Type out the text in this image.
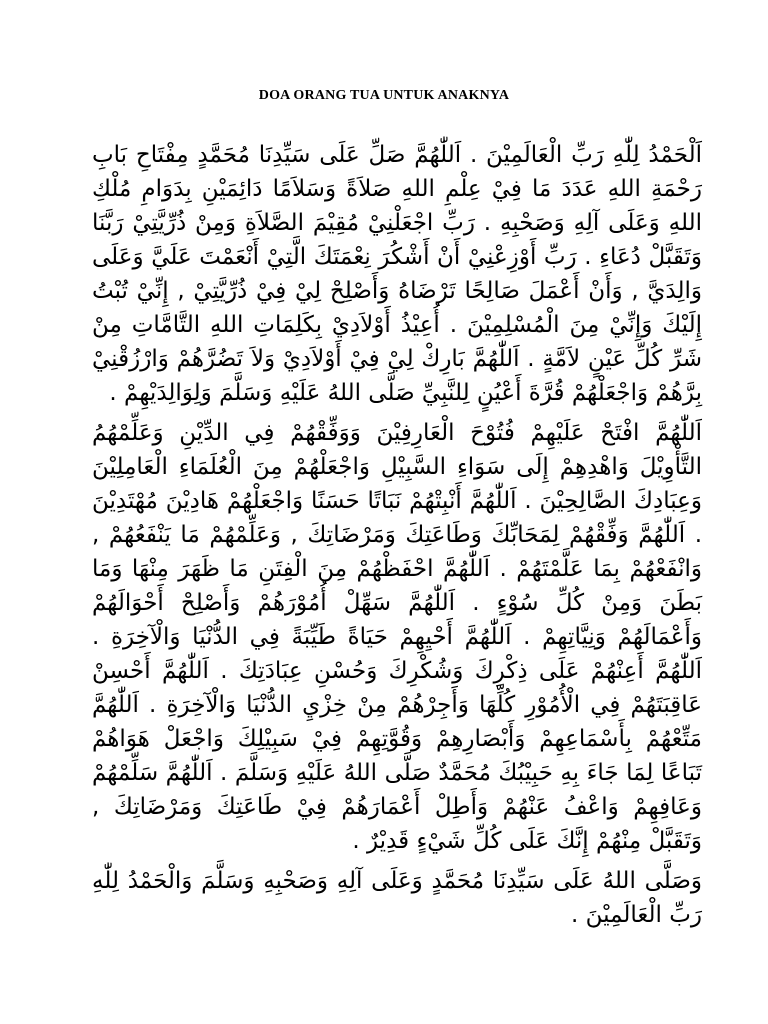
DOA ORANG TUA UNTUK ANAKNYA

اَلْحَمْدُ لِلّٰهِ رَبِّ الْعَالَمِيْنَ . اَللّٰهُمَّ صَلِّ عَلَى سَيِّدِنَا مُحَمَّدٍ مِفْتَاحِ بَابِ رَحْمَةِ اللهِ عَدَدَ مَا فِيْ عِلْمِ اللهِ صَلاَةً وَسَلاَمًا دَائِمَيْنِ بِدَوَامِ مُلْكِ اللهِ وَعَلَى آلِهِ وَصَحْبِهِ . رَبِّ اجْعَلْنِيْ مُقِيْمَ الصَّلاَةِ وَمِنْ ذُرِّيَّتِيْ رَبَّنَا وَتَقَبَّلْ دُعَاءِ . رَبِّ أَوْزِعْنِيْ أَنْ أَشْكُرَ نِعْمَتَكَ الَّتِيْ أَنْعَمْتَ عَلَيَّ وَعَلَى وَالِدَيَّ , وَأَنْ أَعْمَلَ صَالِحًا تَرْضَاهُ وَأَصْلِحْ لِيْ فِيْ ذُرِّيَّتِيْ , إِنِّيْ تُبْتُ إِلَيْكَ وَإِنِّيْ مِنَ الْمُسْلِمِيْنَ . أُعِيْذُ أَوْلاَدِيْ بِكَلِمَاتِ اللهِ التَّامَّاتِ مِنْ شَرِّ كُلِّ عَيْنٍ لاَمَّةٍ . اَللّٰهُمَّ بَارِكْ لِيْ فِيْ أَوْلاَدِيْ وَلاَ تَضُرَّهُمْ وَارْزُقْنِيْ بِرَّهُمْ وَاجْعَلْهُمْ قُرَّةَ أَعْيُنٍ لِلنَّبِيِّ صَلَّى اللهُ عَلَيْهِ وَسَلَّمَ وَلِوَالِدَيْهِمْ .

اَللّٰهُمَّ افْتَحْ عَلَيْهِمْ فُتُوْحَ الْعَارِفِيْنَ وَوَفِّقْهُمْ فِي الدِّيْنِ وَعَلِّمْهُمُ التَّأْوِيْلَ وَاهْدِهِمْ إِلَى سَوَاءِ السَّبِيْلِ وَاجْعَلْهُمْ مِنَ الْعُلَمَاءِ الْعَامِلِيْنَ وَعِبَادِكَ الصَّالِحِيْنَ . اَللّٰهُمَّ أَنْبِتْهُمْ نَبَاتًا حَسَنًا وَاجْعَلْهُمْ هَادِيْنَ مُهْتَدِيْنَ . اَللّٰهُمَّ وَفِّقْهُمْ لِمَحَابِّكَ وَطَاعَتِكَ وَمَرْضَاتِكَ , وَعَلِّمْهُمْ مَا يَنْفَعُهُمْ , وَانْفَعْهُمْ بِمَا عَلَّمْتَهُمْ . اَللّٰهُمَّ احْفَظْهُمْ مِنَ الْفِتَنِ مَا ظَهَرَ مِنْهَا وَمَا بَطَنَ وَمِنْ كُلِّ سُوْءٍ . اَللّٰهُمَّ سَهِّلْ أُمُوْرَهُمْ وَأَصْلِحْ أَحْوَالَهُمْ وَأَعْمَالَهُمْ وَنِيَّاتِهِمْ . اَللّٰهُمَّ أَحْيِهِمْ حَيَاةً طَيِّبَةً فِي الدُّنْيَا وَالْآخِرَةِ . اَللّٰهُمَّ أَعِنْهُمْ عَلَى ذِكْرِكَ وَشُكْرِكَ وَحُسْنِ عِبَادَتِكَ . اَللّٰهُمَّ أَحْسِنْ عَاقِبَتَهُمْ فِي الْأُمُوْرِ كُلِّهَا وَأَجِرْهُمْ مِنْ خِزْيِ الدُّنْيَا وَالْآخِرَةِ . اَللّٰهُمَّ مَتِّعْهُمْ بِأَسْمَاعِهِمْ وَأَبْصَارِهِمْ وَقُوَّتِهِمْ فِيْ سَبِيْلِكَ وَاجْعَلْ هَوَاهُمْ تَبَاعًا لِمَا جَاءَ بِهِ حَبِيْبُكَ مُحَمَّدٌ صَلَّى اللهُ عَلَيْهِ وَسَلَّمَ . اَللّٰهُمَّ سَلِّمْهُمْ وَعَافِهِمْ وَاعْفُ عَنْهُمْ وَأَطِلْ أَعْمَارَهُمْ فِيْ طَاعَتِكَ وَمَرْضَاتِكَ , وَتَقَبَّلْ مِنْهُمْ إِنَّكَ عَلَى كُلِّ شَيْءٍ قَدِيْرٌ .

وَصَلَّى اللهُ عَلَى سَيِّدِنَا مُحَمَّدٍ وَعَلَى آلِهِ وَصَحْبِهِ وَسَلَّمَ وَالْحَمْدُ لِلّٰهِ رَبِّ الْعَالَمِيْنَ .
